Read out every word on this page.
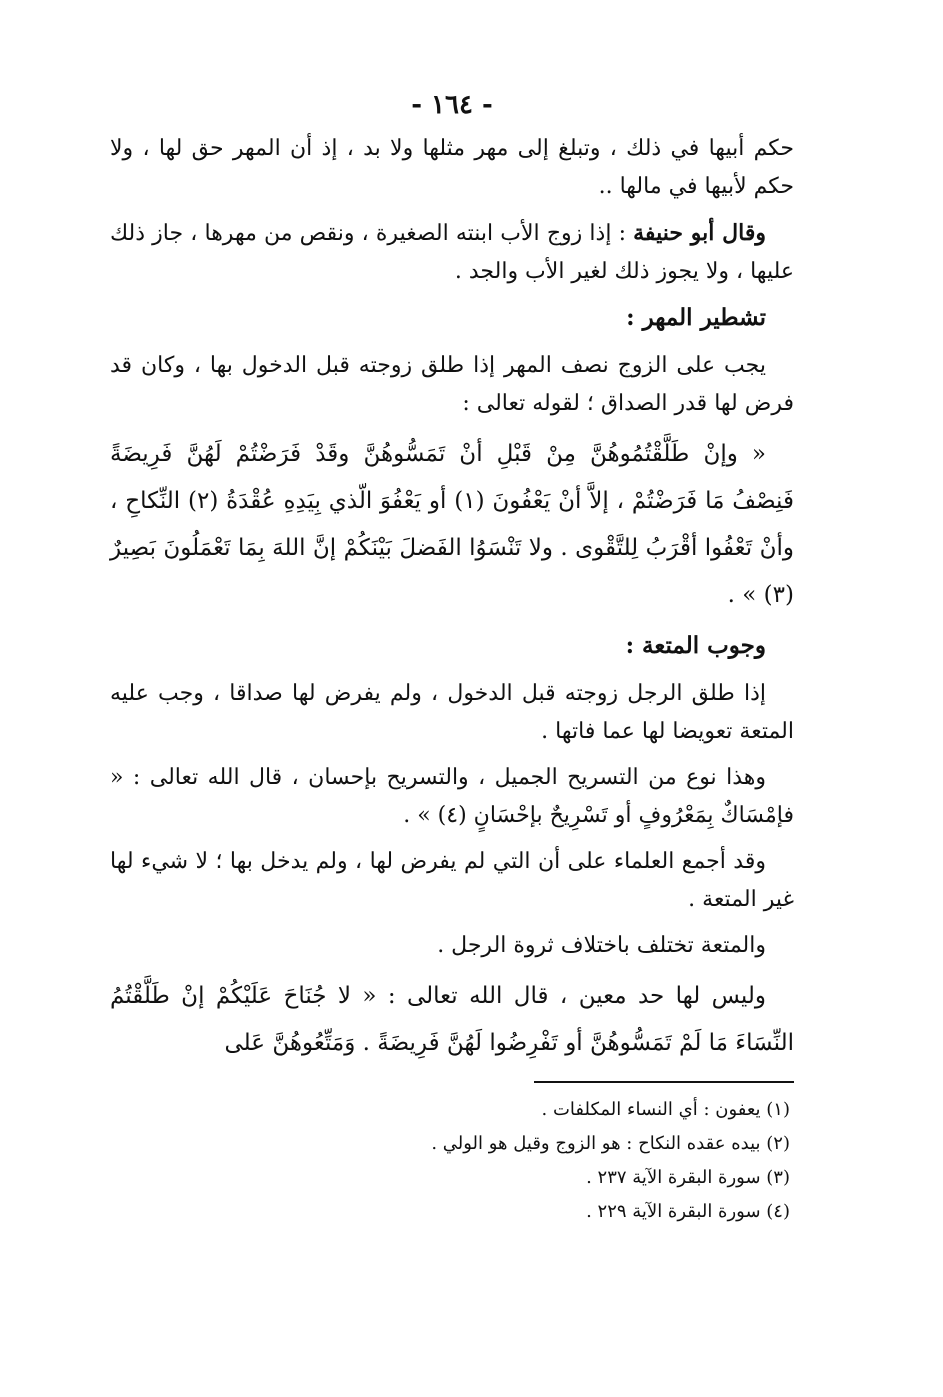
- ١٦٤ -

حكم أبيها في ذلك ، وتبلغ إلى مهر مثلها ولا بد ، إذ أن المهر حق لها ، ولا حكم لأبيها في مالها ..

وقال أبو حنيفة : إذا زوج الأب ابنته الصغيرة ، ونقص من مهرها ، جاز ذلك عليها ، ولا يجوز ذلك لغير الأب والجد .

تشطير المهر :

يجب على الزوج نصف المهر إذا طلق زوجته قبل الدخول بها ، وكان قد فرض لها قدر الصداق ؛ لقوله تعالى :

« وإنْ طَلَّقْتُمُوهُنَّ مِنْ قَبْلِ أنْ تَمَسُّوهُنَّ وقَدْ فَرَضْتُمْ لَهُنَّ فَرِيضَةً فَنِصْفُ مَا فَرَضْتُمْ ، إلاَّ أنْ يَعْفُونَ (١) أو يَعْفُوَ الّذي بِيَدِهِ عُقْدَةُ (٢) النِّكاحِ ، وأنْ تَعْفُوا أقْرَبُ لِلتَّقْوى . ولا تَنْسَوُا الفَضلَ بَيْنَكُمْ إنَّ اللهَ بِمَا تَعْمَلُونَ بَصِيرٌ (٣) » .

وجوب المتعة :

إذا طلق الرجل زوجته قبل الدخول ، ولم يفرض لها صداقا ، وجب عليه المتعة تعويضا لها عما فاتها .

وهذا نوع من التسريح الجميل ، والتسريح بإحسان ، قال الله تعالى : « فإمْسَاكٌ بِمَعْرُوفٍ أو تَسْرِيحٌ بإحْسَانٍ (٤) » .

وقد أجمع العلماء على أن التي لم يفرض لها ، ولم يدخل بها ؛ لا شيء لها غير المتعة .

والمتعة تختلف باختلاف ثروة الرجل .

وليس لها حد معين ، قال الله تعالى : « لا جُنَاحَ عَلَيْكُمْ إنْ طَلَّقْتُمُ النِّسَاءَ مَا لَمْ تَمَسُّوهُنَّ أو تَفْرِضُوا لَهُنَّ فَرِيضَةً . وَمَتِّعُوهُنَّ عَلى

(١) يعفون : أي النساء المكلفات .

(٢) بيده عقده النكاح : هو الزوج وقيل هو الولي .

(٣) سورة البقرة الآية ٢٣٧ .

(٤) سورة البقرة الآية ٢٢٩ .
